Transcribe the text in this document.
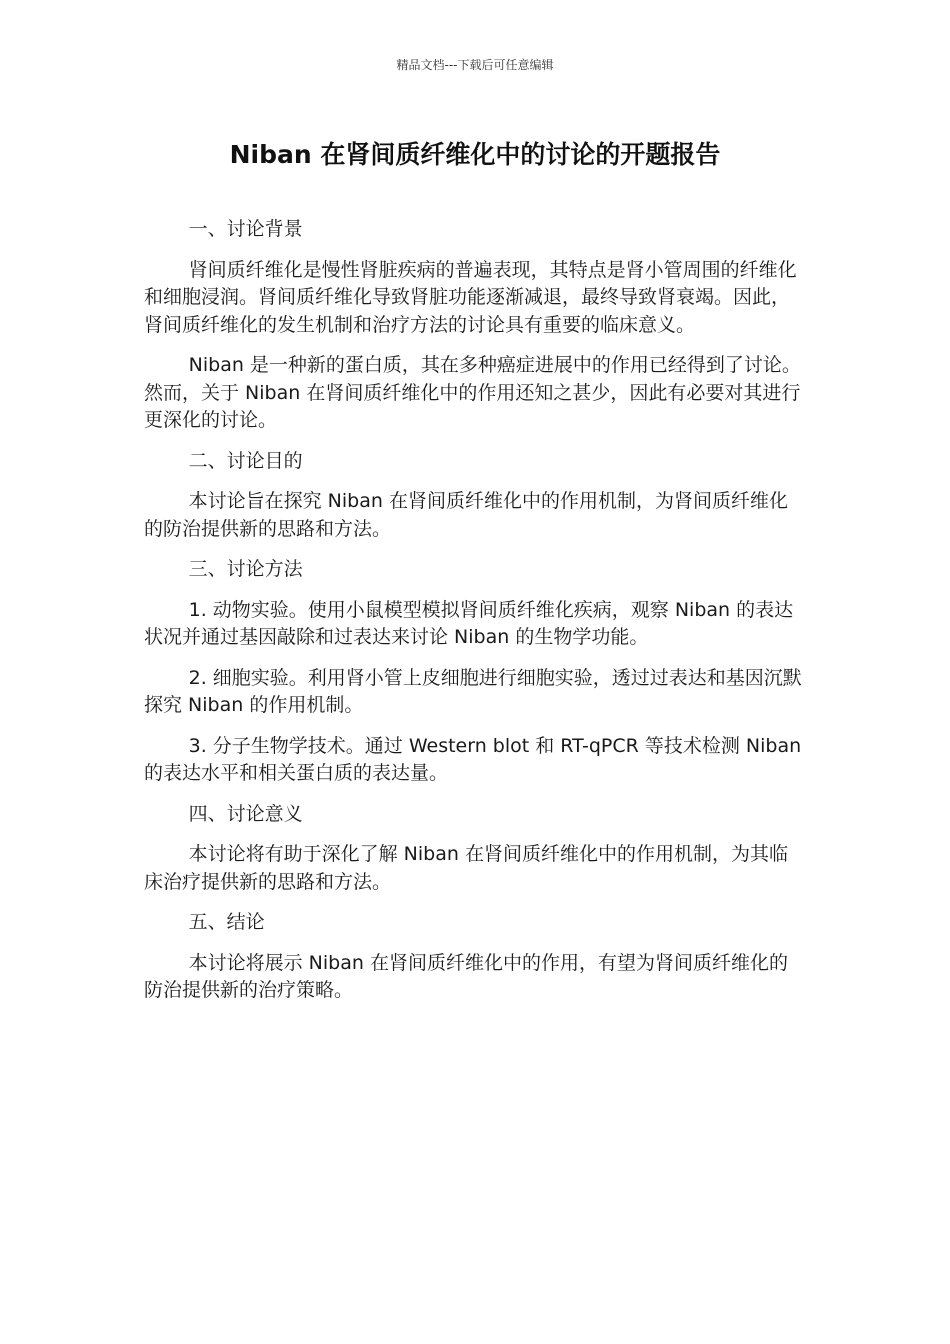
精品文档---下载后可任意编辑
Niban 在肾间质纤维化中的讨论的开题报告
一、讨论背景

肾间质纤维化是慢性肾脏疾病的普遍表现，其特点是肾小管周围的纤维化和细胞浸润。肾间质纤维化导致肾脏功能逐渐减退，最终导致肾衰竭。因此，肾间质纤维化的发生机制和治疗方法的讨论具有重要的临床意义。

Niban 是一种新的蛋白质，其在多种癌症进展中的作用已经得到了讨论。然而，关于 Niban 在肾间质纤维化中的作用还知之甚少，因此有必要对其进行更深化的讨论。

二、讨论目的

本讨论旨在探究 Niban 在肾间质纤维化中的作用机制，为肾间质纤维化的防治提供新的思路和方法。

三、讨论方法

1. 动物实验。使用小鼠模型模拟肾间质纤维化疾病，观察 Niban 的表达状况并通过基因敲除和过表达来讨论 Niban 的生物学功能。

2. 细胞实验。利用肾小管上皮细胞进行细胞实验，透过过表达和基因沉默探究 Niban 的作用机制。

3. 分子生物学技术。通过 Western blot 和 RT-qPCR 等技术检测 Niban 的表达水平和相关蛋白质的表达量。

四、讨论意义

本讨论将有助于深化了解 Niban 在肾间质纤维化中的作用机制，为其临床治疗提供新的思路和方法。

五、结论

本讨论将展示 Niban 在肾间质纤维化中的作用，有望为肾间质纤维化的防治提供新的治疗策略。
